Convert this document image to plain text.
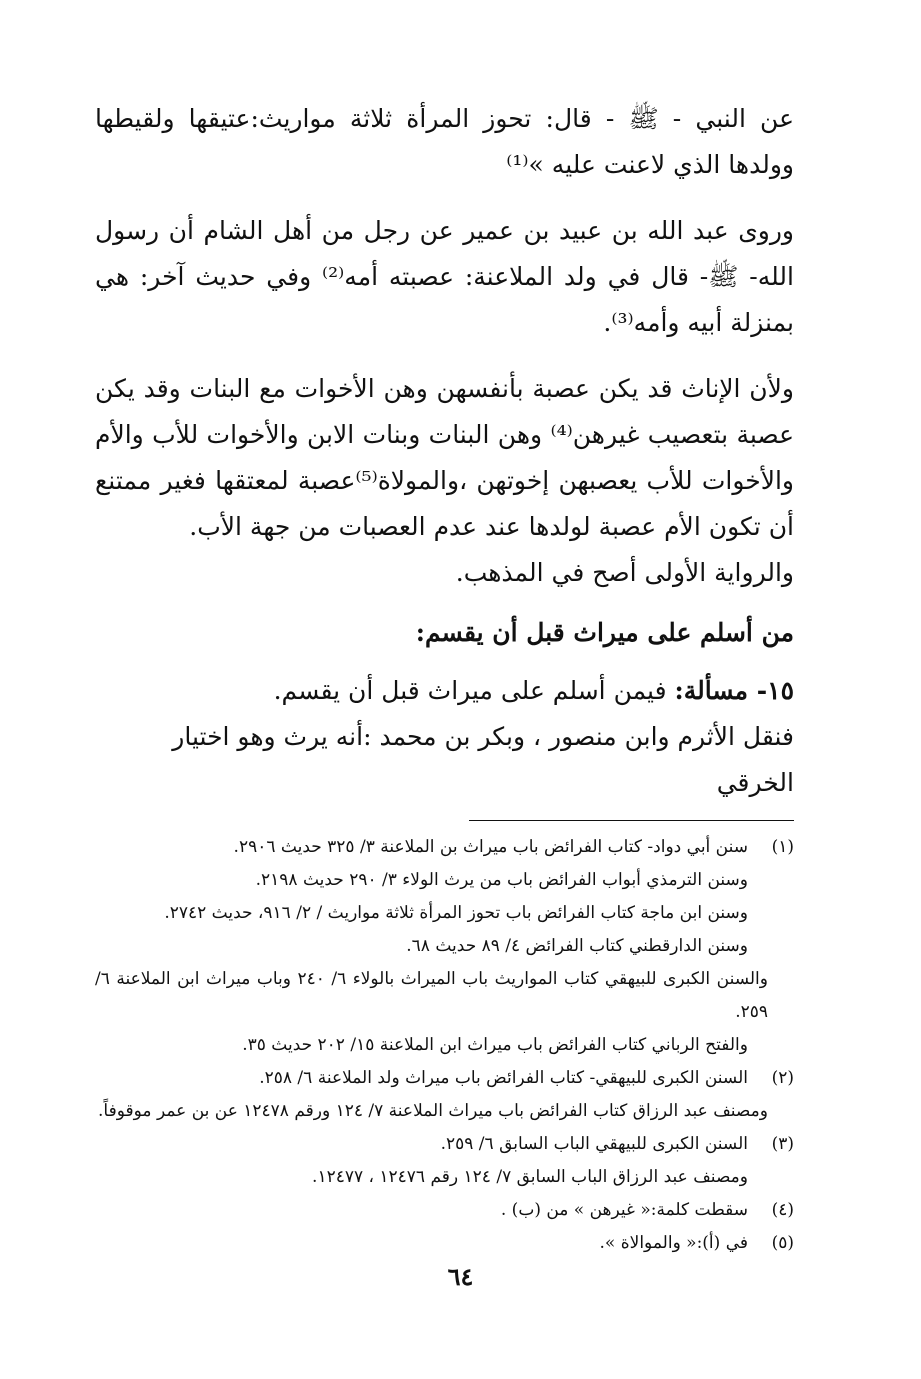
عن النبي - ﷺ - قال: تحوز المرأة ثلاثة مواريث:عتيقها ولقيطها وولدها الذي لاعنت عليه »⁽¹⁾

وروى عبد الله بن عبيد بن عمير عن رجل من أهل الشام أن رسول الله- ﷺ- قال في ولد الملاعنة: عصبته أمه⁽²⁾ وفي حديث آخر: هي بمنزلة أبيه وأمه⁽³⁾.

ولأن الإناث قد يكن عصبة بأنفسهن وهن الأخوات مع البنات وقد يكن عصبة بتعصيب غيرهن⁽⁴⁾ وهن البنات وبنات الابن والأخوات للأب والأم والأخوات للأب يعصبهن إخوتهن ،والمولاة⁽⁵⁾عصبة لمعتقها فغير ممتنع أن تكون الأم عصبة لولدها عند عدم العصبات من جهة الأب.

والرواية الأولى أصح في المذهب.

من أسلم على ميراث قبل أن يقسم:

١٥- مسألة: فيمن أسلم على ميراث قبل أن يقسم.

فنقل الأثرم وابن منصور ، وبكر بن محمد :أنه يرث وهو اختيار الخرقي

(١)
سنن أبي دواد- كتاب الفرائض باب ميراث بن الملاعنة ٣/ ٣٢٥ حديث ٢٩٠٦.
وسنن الترمذي أبواب الفرائض باب من يرث الولاء ٣/ ٢٩٠ حديث ٢١٩٨.
وسنن ابن ماجة كتاب الفرائض باب تحوز المرأة ثلاثة مواريث / ٢/ ٩١٦، حديث ٢٧٤٢.
وسنن الدارقطني كتاب الفرائض ٤/ ٨٩ حديث ٦٨.
والسنن الكبرى للبيهقي كتاب المواريث باب الميراث بالولاء ٦/ ٢٤٠ وباب ميراث ابن الملاعنة ٦/ ٢٥٩.
والفتح الرباني كتاب الفرائض باب ميراث ابن الملاعنة ١٥/ ٢٠٢ حديث ٣٥.
(٢)
السنن الكبرى للبيهقي- كتاب الفرائض باب ميراث ولد الملاعنة ٦/ ٢٥٨.
ومصنف عبد الرزاق كتاب الفرائض باب ميراث الملاعنة ٧/ ١٢٤ ورقم ١٢٤٧٨ عن بن عمر موقوفاً.
(٣)
السنن الكبرى للبيهقي الباب السابق ٦/ ٢٥٩.
ومصنف عبد الرزاق الباب السابق ٧/ ١٢٤ رقم ١٢٤٧٦ ، ١٢٤٧٧.
(٤)
سقطت كلمة:« غيرهن » من (ب) .
(٥)
في (أ):« والموالاة ».
٦٤
